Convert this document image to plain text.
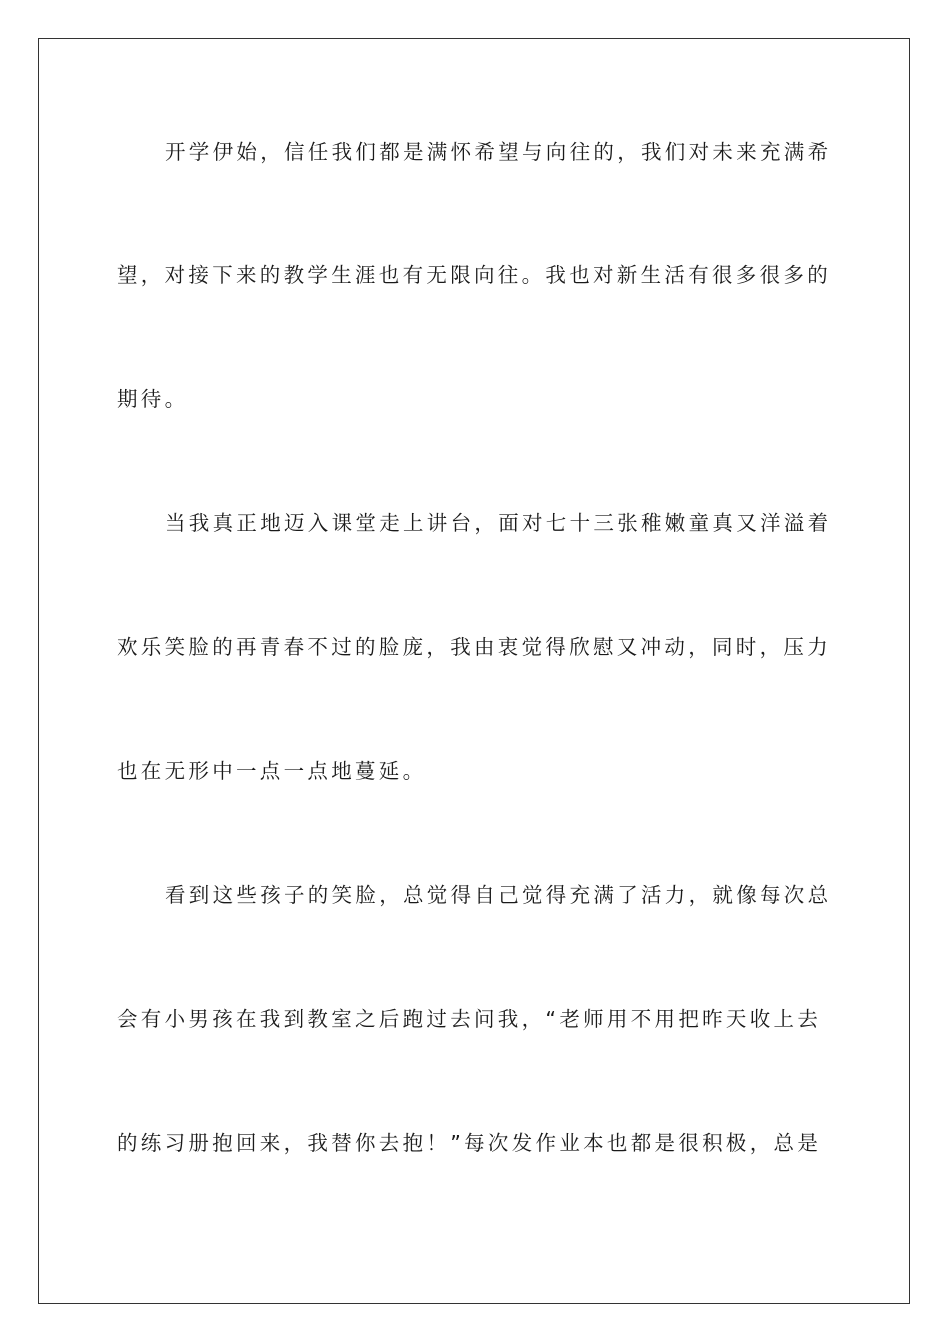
开学伊始，信任我们都是满怀希望与向往的，我们对未来充满希
望，对接下来的教学生涯也有无限向往。我也对新生活有很多很多的
期待。
当我真正地迈入课堂走上讲台，面对七十三张稚嫩童真又洋溢着
欢乐笑脸的再青春不过的脸庞，我由衷觉得欣慰又冲动，同时，压力
也在无形中一点一点地蔓延。
看到这些孩子的笑脸，总觉得自己觉得充满了活力，就像每次总
会有小男孩在我到教室之后跑过去问我，“老师用不用把昨天收上去
的练习册抱回来，我替你去抱！”每次发作业本也都是很积极，总是
